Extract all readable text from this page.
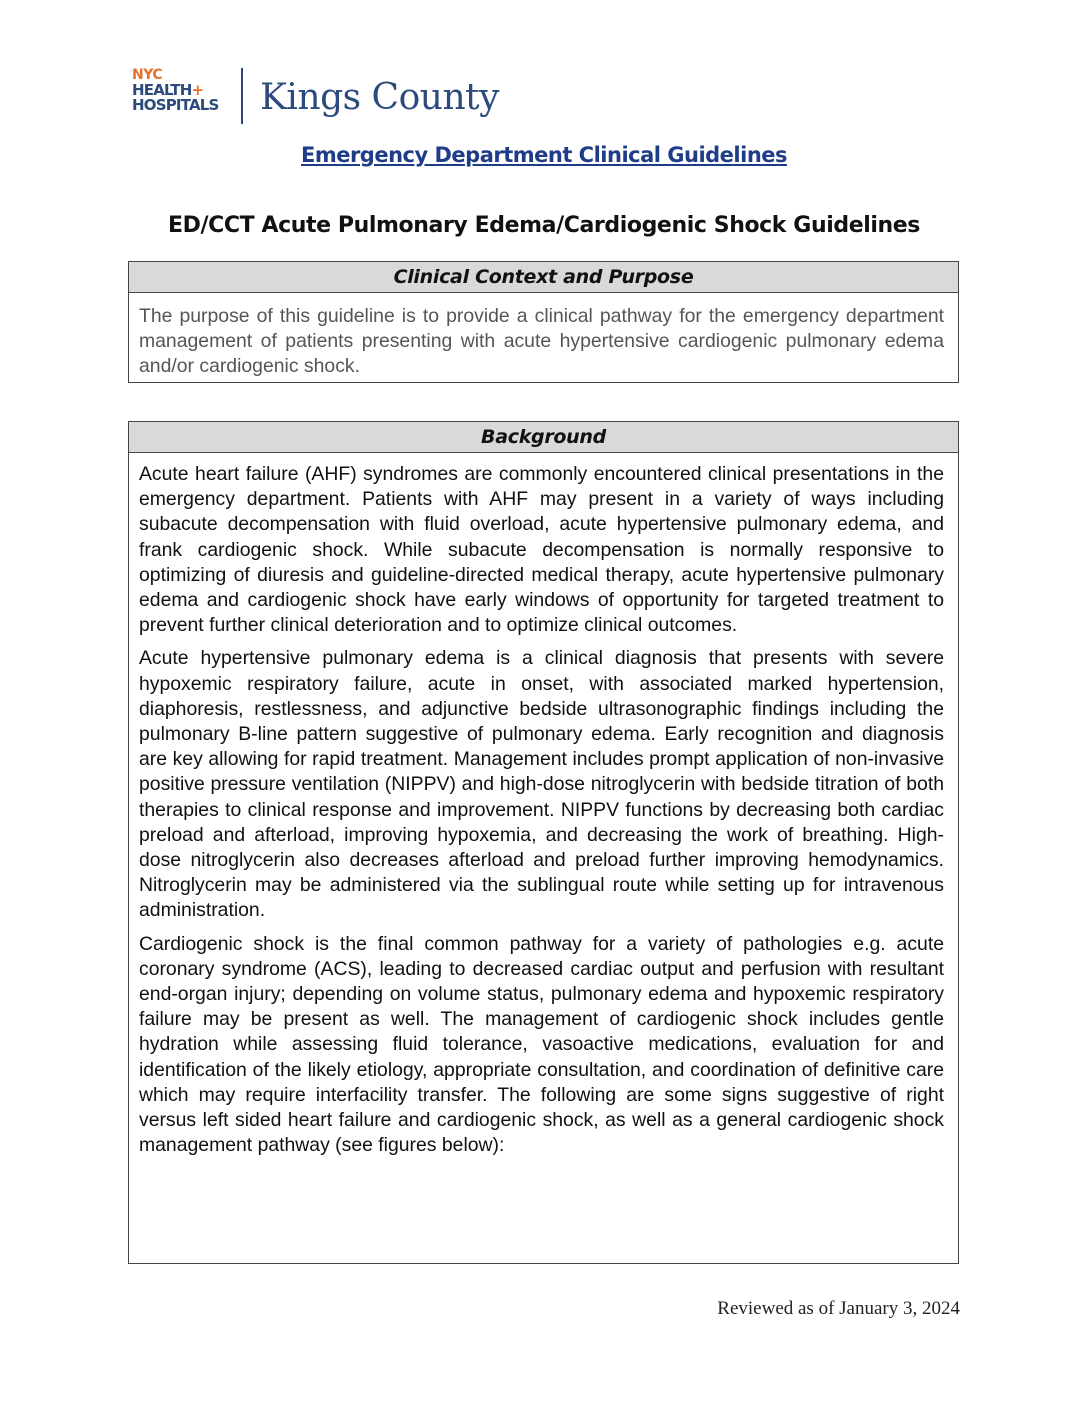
NYC
HEALTH+
HOSPITALS	Kings County
Emergency Department Clinical Guidelines
ED/CCT Acute Pulmonary Edema/Cardiogenic Shock Guidelines
Clinical Context and Purpose

The purpose of this guideline is to provide a clinical pathway for the emergency department management of patients presenting with acute hypertensive cardiogenic pulmonary edema and/or cardiogenic shock.

Background

Acute heart failure (AHF) syndromes are commonly encountered clinical presentations in the emergency department. Patients with AHF may present in a variety of ways including subacute decompensation with fluid overload, acute hypertensive pulmonary edema, and frank cardiogenic shock. While subacute decompensation is normally responsive to optimizing of diuresis and guideline-directed medical therapy, acute hypertensive pulmonary edema and cardiogenic shock have early windows of opportunity for targeted treatment to prevent further clinical deterioration and to optimize clinical outcomes.

Acute hypertensive pulmonary edema is a clinical diagnosis that presents with severe hypoxemic respiratory failure, acute in onset, with associated marked hypertension, diaphoresis, restlessness, and adjunctive bedside ultrasonographic findings including the pulmonary B-line pattern suggestive of pulmonary edema. Early recognition and diagnosis are key allowing for rapid treatment. Management includes prompt application of non-invasive positive pressure ventilation (NIPPV) and high-dose nitroglycerin with bedside titration of both therapies to clinical response and improvement. NIPPV functions by decreasing both cardiac preload and afterload, improving hypoxemia, and decreasing the work of breathing. High-dose nitroglycerin also decreases afterload and preload further improving hemodynamics. Nitroglycerin may be administered via the sublingual route while setting up for intravenous administration.

Cardiogenic shock is the final common pathway for a variety of pathologies e.g. acute coronary syndrome (ACS), leading to decreased cardiac output and perfusion with resultant end-organ injury; depending on volume status, pulmonary edema and hypoxemic respiratory failure may be present as well. The management of cardiogenic shock includes gentle hydration while assessing fluid tolerance, vasoactive medications, evaluation for and identification of the likely etiology, appropriate consultation, and coordination of definitive care which may require interfacility transfer. The following are some signs suggestive of right versus left sided heart failure and cardiogenic shock, as well as a general cardiogenic shock management pathway (see figures below):

Reviewed as of January 3, 2024
